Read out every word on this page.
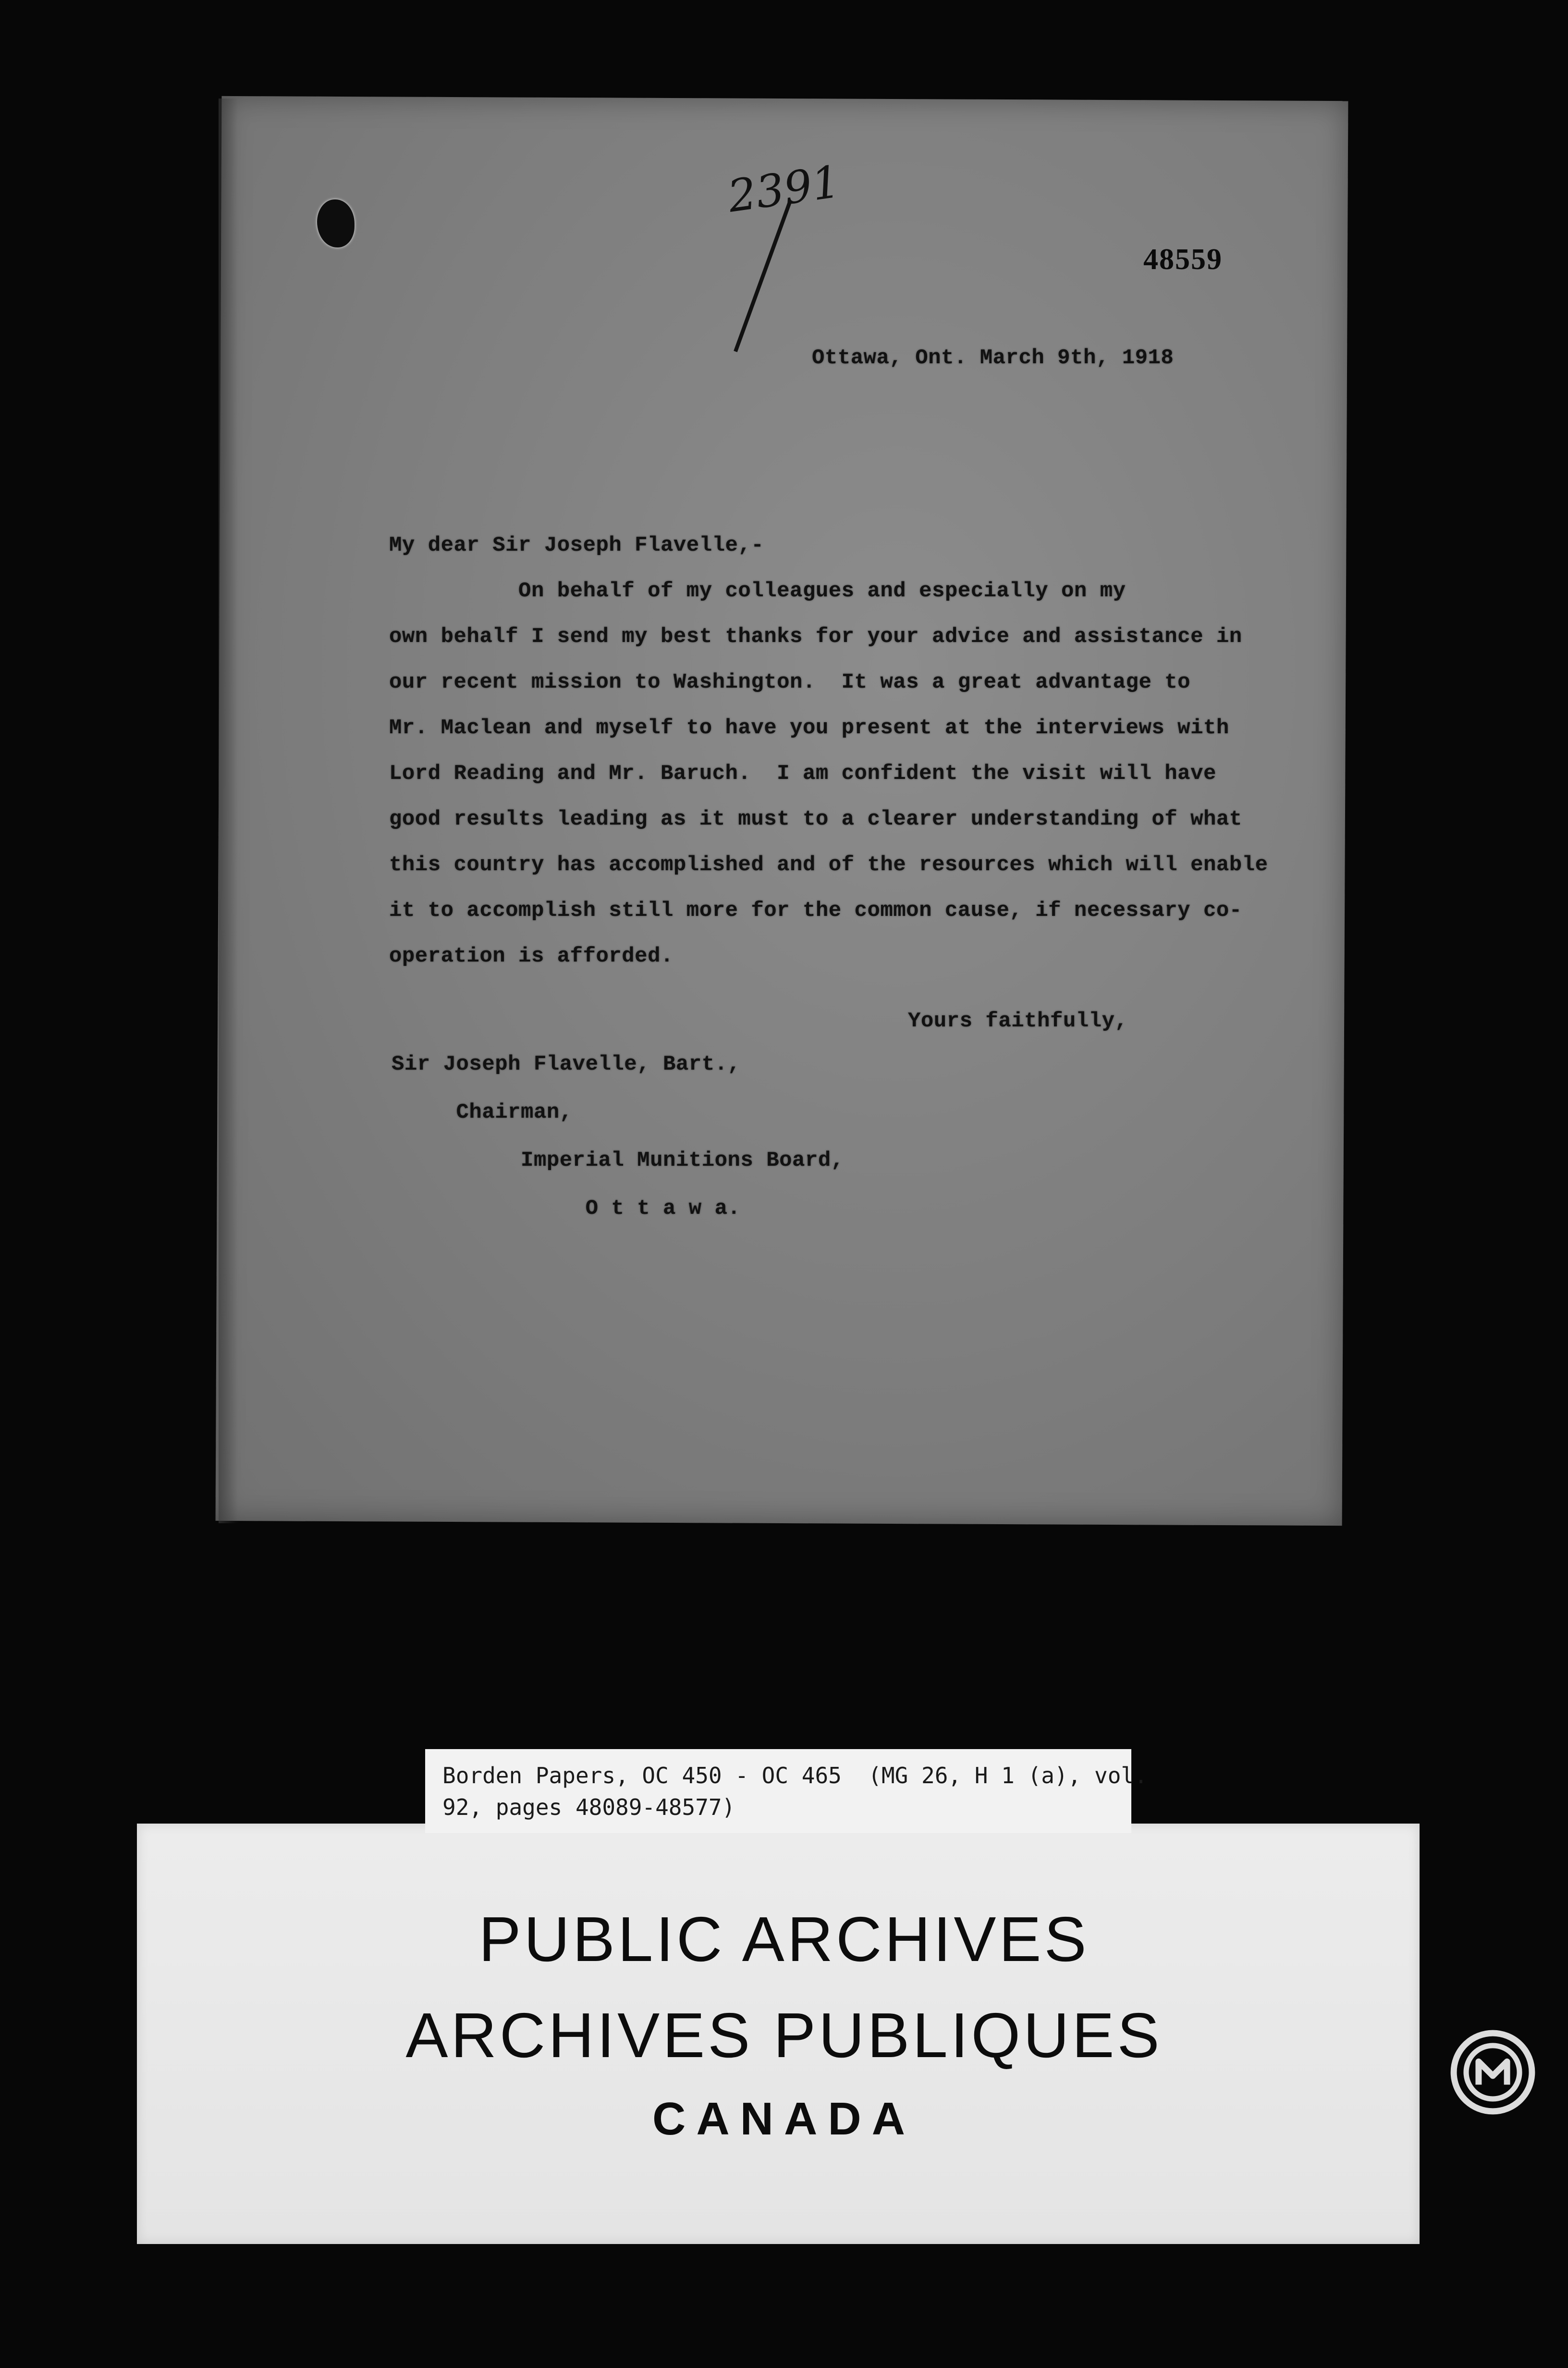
2391
48559
Ottawa, Ont. March 9th, 1918
My dear Sir Joseph Flavelle,-
On behalf of my colleagues and especially on my
own behalf I send my best thanks for your advice and assistance in
our recent mission to Washington.  It was a great advantage to
Mr. Maclean and myself to have you present at the interviews with
Lord Reading and Mr. Baruch.  I am confident the visit will have
good results leading as it must to a clearer understanding of what
this country has accomplished and of the resources which will enable
it to accomplish still more for the common cause, if necessary co-
operation is afforded.
Yours faithfully,
Sir Joseph Flavelle, Bart.,
Chairman,
Imperial Munitions Board,
O t t a w a.
Borden Papers, OC 450 - OC 465  (MG 26, H 1 (a), vol.
92, pages 48089-48577)
PUBLIC ARCHIVES
ARCHIVES PUBLIQUES
CANADA
